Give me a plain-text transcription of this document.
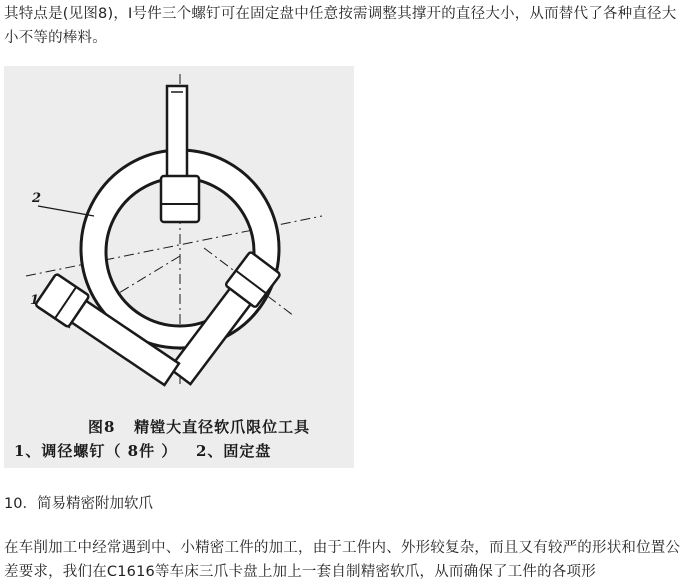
其特点是(见图8)，I号件三个螺钉可在固定盘中任意按需调整其撑开的直径大小，从而替代了各种直径大小不等的棒料。

2
1

图8   精镗大直径软爪限位工具

1、调径螺钉（ 8件 ）   2、固定盘

10．简易精密附加软爪

在车削加工中经常遇到中、小精密工件的加工，由于工件内、外形较复杂，而且又有较严的形状和位置公差要求，我们在C1616等车床三爪卡盘上加上一套自制精密软爪，从而确保了工件的各项形
